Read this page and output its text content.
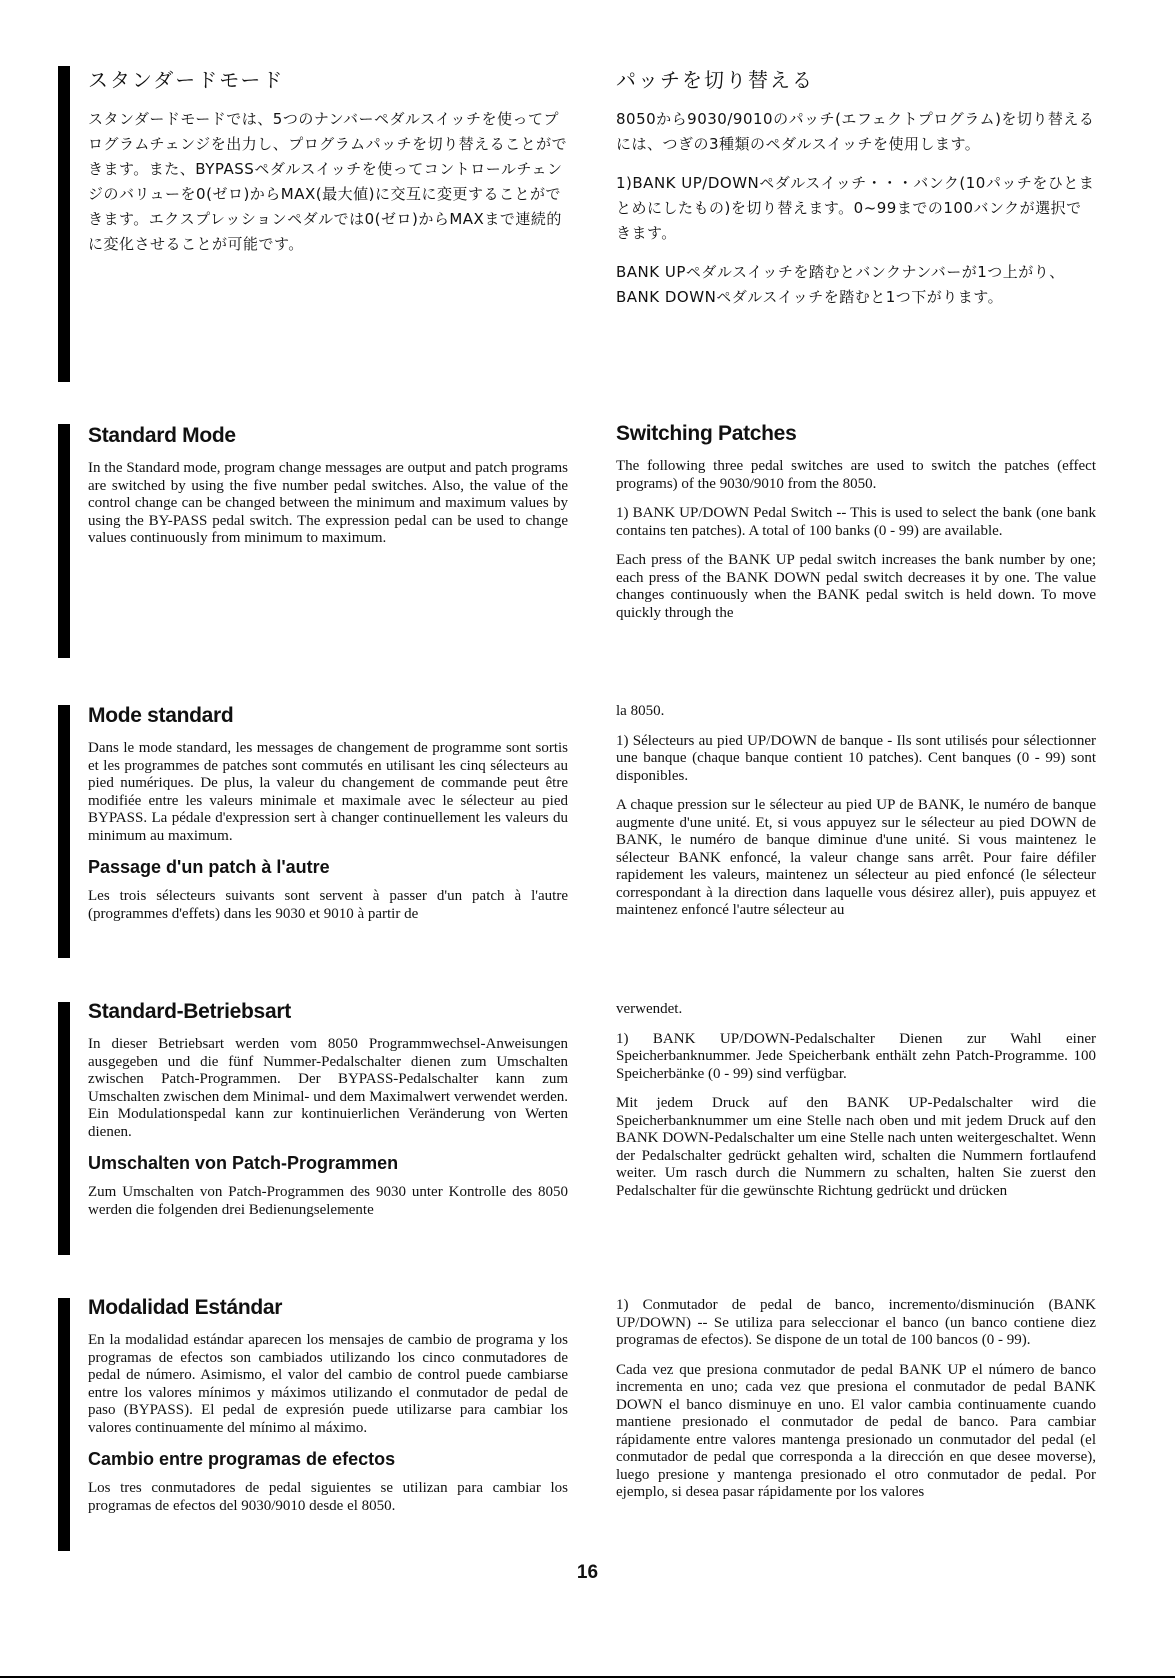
スタンダードモード
スタンダードモードでは、5つのナンバーペダルスイッチを使ってプログラムチェンジを出力し、プログラムパッチを切り替えることができます。また、BYPASSペダルスイッチを使ってコントロールチェンジのバリューを0(ゼロ)からMAX(最大値)に交互に変更することができます。エクスプレッションペダルでは0(ゼロ)からMAXまで連続的に変化させることが可能です。
パッチを切り替える
8050から9030/9010のパッチ(エフェクトプログラム)を切り替えるには、つぎの3種類のペダルスイッチを使用します。
1)BANK UP/DOWNペダルスイッチ・・・バンク(10パッチをひとまとめにしたもの)を切り替えます。0~99までの100バンクが選択できます。
BANK UPペダルスイッチを踏むとバンクナンバーが1つ上がり、BANK DOWNペダルスイッチを踏むと1つ下がります。
Standard Mode

In the Standard mode, program change messages are output and patch programs are switched by using the five number pedal switches. Also, the value of the control change can be changed between the minimum and maximum values by using the BY-PASS pedal switch. The expression pedal can be used to change values continuously from minimum to maximum.

Switching Patches

The following three pedal switches are used to switch the patches (effect programs) of the 9030/9010 from the 8050.

1) BANK UP/DOWN Pedal Switch -- This is used to select the bank (one bank contains ten patches). A total of 100 banks (0 - 99) are available.

Each press of the BANK UP pedal switch increases the bank number by one; each press of the BANK DOWN pedal switch decreases it by one. The value changes continuously when the BANK pedal switch is held down. To move quickly through the

Mode standard

Dans le mode standard, les messages de changement de programme sont sortis et les programmes de patches sont commutés en utilisant les cinq sélecteurs au pied numériques. De plus, la valeur du changement de commande peut être modifiée entre les valeurs minimale et maximale avec le sélecteur au pied BYPASS. La pédale d'expression sert à changer continuellement les valeurs du minimum au maximum.

Passage d'un patch à l'autre

Les trois sélecteurs suivants sont servent à passer d'un patch à l'autre (programmes d'effets) dans les 9030 et 9010 à partir de

la 8050.

1) Sélecteurs au pied UP/DOWN de banque - Ils sont utilisés pour sélectionner une banque (chaque banque contient 10 patches). Cent banques (0 - 99) sont disponibles.

A chaque pression sur le sélecteur au pied UP de BANK, le numéro de banque augmente d'une unité. Et, si vous appuyez sur le sélecteur au pied DOWN de BANK, le numéro de banque diminue d'une unité. Si vous maintenez le sélecteur BANK enfoncé, la valeur change sans arrêt. Pour faire défiler rapidement les valeurs, maintenez un sélecteur au pied enfoncé (le sélecteur correspondant à la direction dans laquelle vous désirez aller), puis appuyez et maintenez enfoncé l'autre sélecteur au

Standard-Betriebsart

In dieser Betriebsart werden vom 8050 Programmwechsel-Anweisungen ausgegeben und die fünf Nummer-Pedalschalter dienen zum Umschalten zwischen Patch-Programmen. Der BYPASS-Pedalschalter kann zum Umschalten zwischen dem Minimal- und dem Maximalwert verwendet werden. Ein Modulationspedal kann zur kontinuierlichen Veränderung von Werten dienen.

Umschalten von Patch-Programmen

Zum Umschalten von Patch-Programmen des 9030 unter Kontrolle des 8050 werden die folgenden drei Bedienungselemente

verwendet.

1) BANK UP/DOWN-Pedalschalter Dienen zur Wahl einer Speicherbanknummer. Jede Speicherbank enthält zehn Patch-Programme. 100 Speicherbänke (0 - 99) sind verfügbar.

Mit jedem Druck auf den BANK UP-Pedalschalter wird die Speicherbanknummer um eine Stelle nach oben und mit jedem Druck auf den BANK DOWN-Pedalschalter um eine Stelle nach unten weitergeschaltet. Wenn der Pedalschalter gedrückt gehalten wird, schalten die Nummern fortlaufend weiter. Um rasch durch die Nummern zu schalten, halten Sie zuerst den Pedalschalter für die gewünschte Richtung gedrückt und drücken

Modalidad Estándar

En la modalidad estándar aparecen los mensajes de cambio de programa y los programas de efectos son cambiados utilizando los cinco conmutadores de pedal de número. Asimismo, el valor del cambio de control puede cambiarse entre los valores mínimos y máximos utilizando el conmutador de pedal de paso (BYPASS). El pedal de expresión puede utilizarse para cambiar los valores continuamente del mínimo al máximo.

Cambio entre programas de efectos

Los tres conmutadores de pedal siguientes se utilizan para cambiar los programas de efectos del 9030/9010 desde el 8050.

1) Conmutador de pedal de banco, incremento/disminución (BANK UP/DOWN) -- Se utiliza para seleccionar el banco (un banco contiene diez programas de efectos). Se dispone de un total de 100 bancos (0 - 99).

Cada vez que presiona conmutador de pedal BANK UP el número de banco incrementa en uno; cada vez que presiona el conmutador de pedal BANK DOWN el banco disminuye en uno. El valor cambia continuamente cuando mantiene presionado el conmutador de pedal de banco. Para cambiar rápidamente entre valores mantenga presionado un conmutador del pedal (el conmutador de pedal que corresponda a la dirección en que desee moverse), luego presione y mantenga presionado el otro conmutador de pedal. Por ejemplo, si desea pasar rápidamente por los valores

16
